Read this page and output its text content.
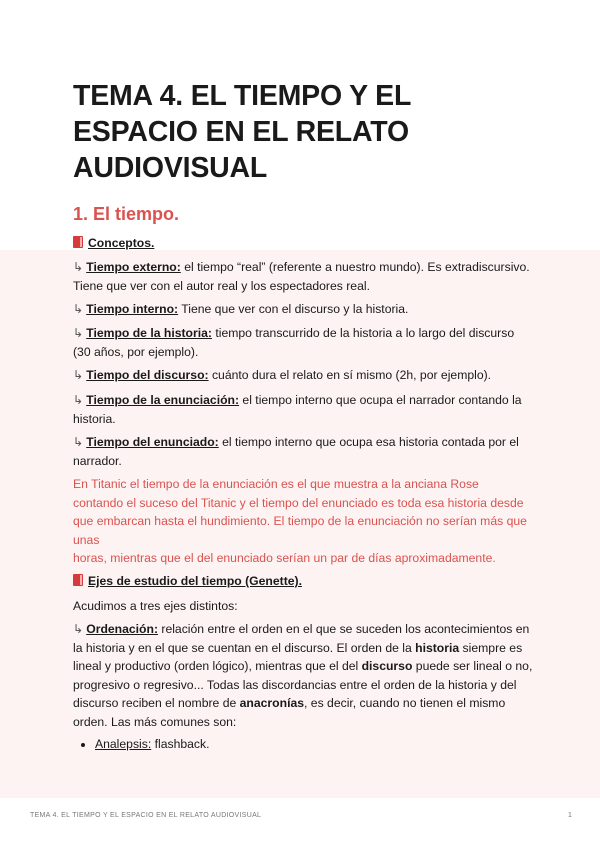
TEMA 4. EL TIEMPO Y EL ESPACIO EN EL RELATO AUDIOVISUAL
1. El tiempo.
Conceptos.
↳ Tiempo externo: el tiempo “real” (referente a nuestro mundo). Es extradiscursivo. Tiene que ver con el autor real y los espectadores real.
↳ Tiempo interno: Tiene que ver con el discurso y la historia.
↳ Tiempo de la historia: tiempo transcurrido de la historia a lo largo del discurso (30 años, por ejemplo).
↳ Tiempo del discurso: cuánto dura el relato en sí mismo (2h, por ejemplo).
↳ Tiempo de la enunciación: el tiempo interno que ocupa el narrador contando la historia.
↳ Tiempo del enunciado: el tiempo interno que ocupa esa historia contada por el narrador.
En Titanic el tiempo de la enunciación es el que muestra a la anciana Rose
contando el suceso del Titanic y el tiempo del enunciado es toda esa historia desde
que embarcan hasta el hundimiento. El tiempo de la enunciación no serían más que
unas
horas, mientras que el del enunciado serían un par de días aproximadamente.
Ejes de estudio del tiempo (Genette).
Acudimos a tres ejes distintos:
↳ Ordenación: relación entre el orden en el que se suceden los acontecimientos en la historia y en el que se cuentan en el discurso. El orden de la historia siempre es lineal y productivo (orden lógico), mientras que el del discurso puede ser lineal o no, progresivo o regresivo... Todas las discordancias entre el orden de la historia y del discurso reciben el nombre de anacronías, es decir, cuando no tienen el mismo orden. Las más comunes son:
• Analepsis: flashback.
TEMA 4. EL TIEMPO Y EL ESPACIO EN EL RELATO AUDIOVISUAL	1
